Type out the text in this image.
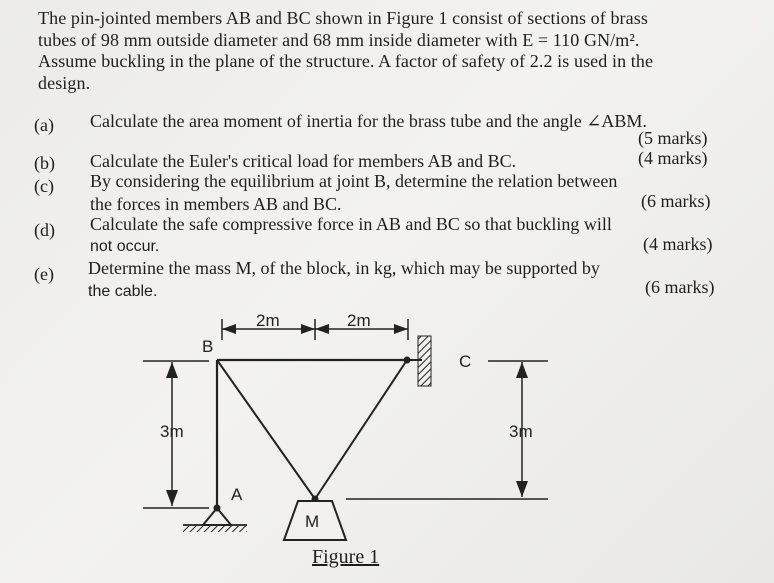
The pin-jointed members AB and BC shown in Figure 1 consist of sections of brass
tubes of 98 mm outside diameter and 68 mm inside diameter with E = 110 GN/m².
Assume buckling in the plane of the structure. A factor of safety of 2.2 is used in the
design.
(a) Calculate the area moment of inertia for the brass tube and the angle ∠ABM.
(5 marks)
(b) Calculate the Euler's critical load for members AB and BC.	(4 marks)
(c) By considering the equilibrium at joint B, determine the relation between
the forces in members AB and BC.	(6 marks)
(d) Calculate the safe compressive force in AB and BC so that buckling will
not occur.	(4 marks)
(e) Determine the mass M, of the block, in kg, which may be supported by
the cable.	(6 marks)
B
A
C
M
2m	2m
3m	3m
Figure 1
